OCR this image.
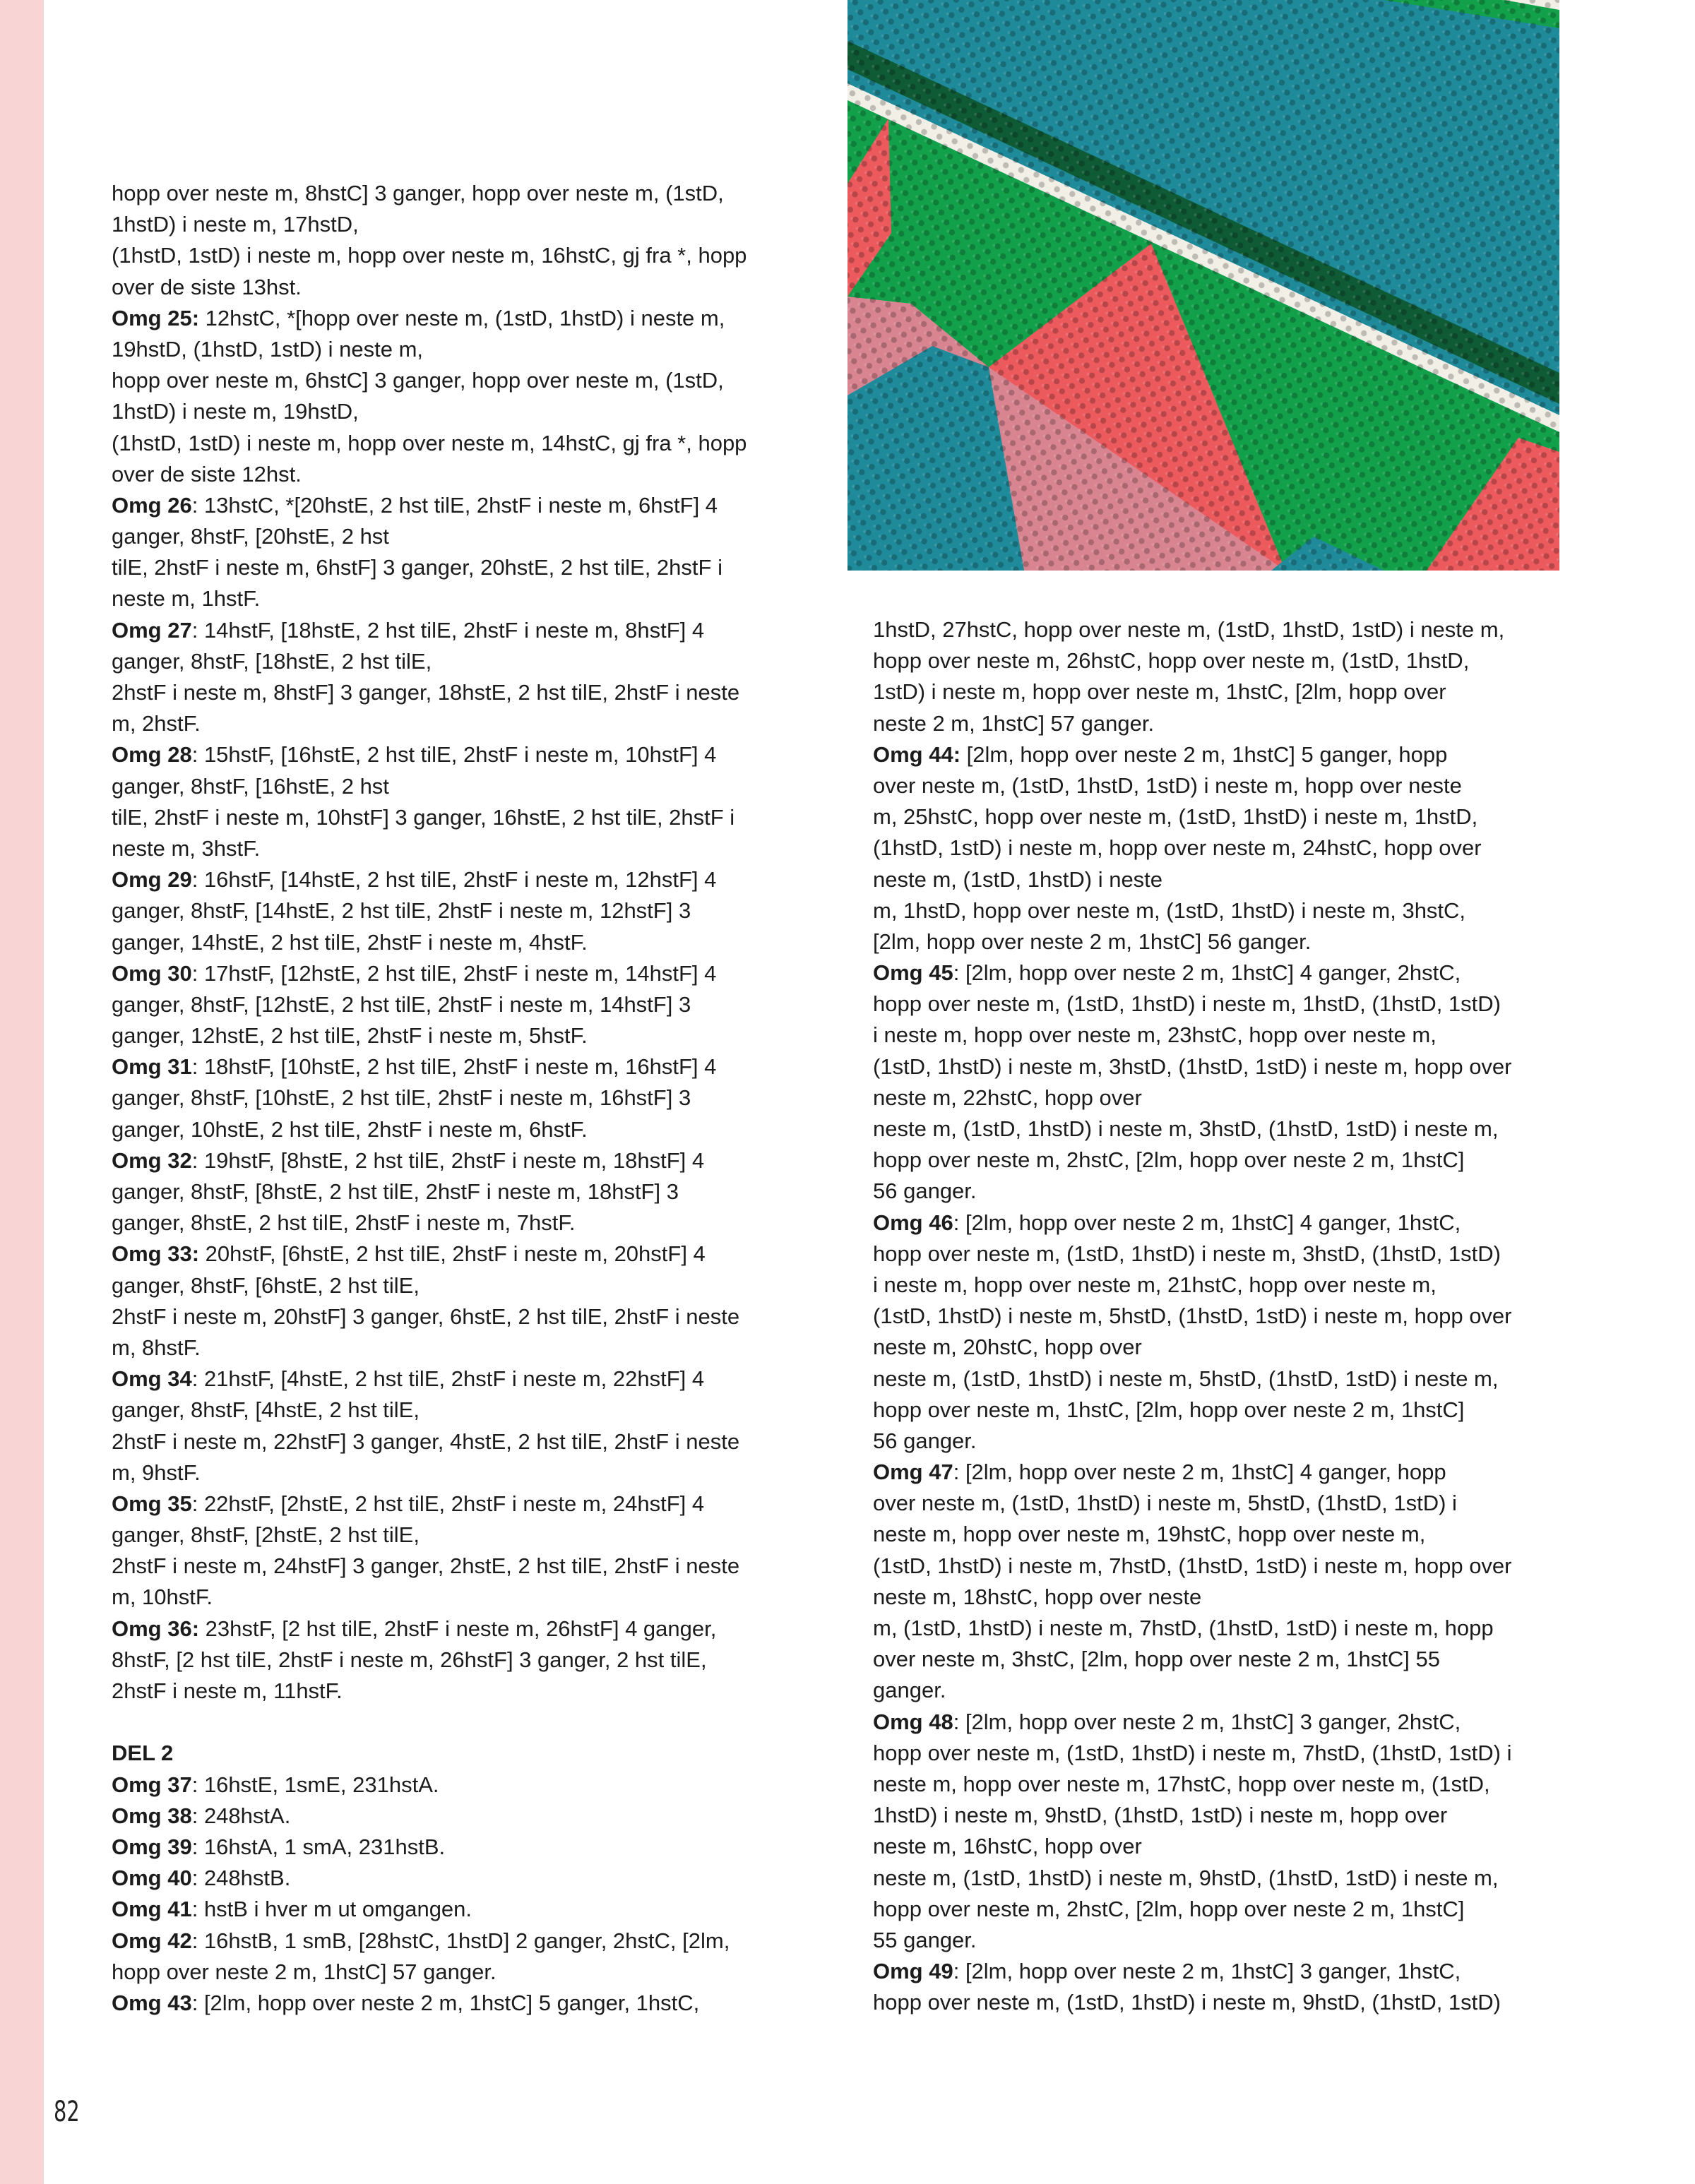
hopp over neste m, 8hstC] 3 ganger, hopp over neste m, (1stD,
1hstD) i neste m, 17hstD,
(1hstD, 1stD) i neste m, hopp over neste m, 16hstC, gj fra *, hopp
over de siste 13hst.
Omg 25: 12hstC, *[hopp over neste m, (1stD, 1hstD) i neste m,
19hstD, (1hstD, 1stD) i neste m,
hopp over neste m, 6hstC] 3 ganger, hopp over neste m, (1stD,
1hstD) i neste m, 19hstD,
(1hstD, 1stD) i neste m, hopp over neste m, 14hstC, gj fra *, hopp
over de siste 12hst.
Omg 26: 13hstC, *[20hstE, 2 hst tilE, 2hstF i neste m, 6hstF] 4
ganger, 8hstF, [20hstE, 2 hst
tilE, 2hstF i neste m, 6hstF] 3 ganger, 20hstE, 2 hst tilE, 2hstF i
neste m, 1hstF.
Omg 27: 14hstF, [18hstE, 2 hst tilE, 2hstF i neste m, 8hstF] 4
ganger, 8hstF, [18hstE, 2 hst tilE,
2hstF i neste m, 8hstF] 3 ganger, 18hstE, 2 hst tilE, 2hstF i neste
m, 2hstF.
Omg 28: 15hstF, [16hstE, 2 hst tilE, 2hstF i neste m, 10hstF] 4
ganger, 8hstF, [16hstE, 2 hst
tilE, 2hstF i neste m, 10hstF] 3 ganger, 16hstE, 2 hst tilE, 2hstF i
neste m, 3hstF.
Omg 29: 16hstF, [14hstE, 2 hst tilE, 2hstF i neste m, 12hstF] 4
ganger, 8hstF, [14hstE, 2 hst tilE, 2hstF i neste m, 12hstF] 3
ganger, 14hstE, 2 hst tilE, 2hstF i neste m, 4hstF.
Omg 30: 17hstF, [12hstE, 2 hst tilE, 2hstF i neste m, 14hstF] 4
ganger, 8hstF, [12hstE, 2 hst tilE, 2hstF i neste m, 14hstF] 3
ganger, 12hstE, 2 hst tilE, 2hstF i neste m, 5hstF.
Omg 31: 18hstF, [10hstE, 2 hst tilE, 2hstF i neste m, 16hstF] 4
ganger, 8hstF, [10hstE, 2 hst tilE, 2hstF i neste m, 16hstF] 3
ganger, 10hstE, 2 hst tilE, 2hstF i neste m, 6hstF.
Omg 32: 19hstF, [8hstE, 2 hst tilE, 2hstF i neste m, 18hstF] 4
ganger, 8hstF, [8hstE, 2 hst tilE, 2hstF i neste m, 18hstF] 3
ganger, 8hstE, 2 hst tilE, 2hstF i neste m, 7hstF.
Omg 33: 20hstF, [6hstE, 2 hst tilE, 2hstF i neste m, 20hstF] 4
ganger, 8hstF, [6hstE, 2 hst tilE,
2hstF i neste m, 20hstF] 3 ganger, 6hstE, 2 hst tilE, 2hstF i neste
m, 8hstF.
Omg 34: 21hstF, [4hstE, 2 hst tilE, 2hstF i neste m, 22hstF] 4
ganger, 8hstF, [4hstE, 2 hst tilE,
2hstF i neste m, 22hstF] 3 ganger, 4hstE, 2 hst tilE, 2hstF i neste
m, 9hstF.
Omg 35: 22hstF, [2hstE, 2 hst tilE, 2hstF i neste m, 24hstF] 4
ganger, 8hstF, [2hstE, 2 hst tilE,
2hstF i neste m, 24hstF] 3 ganger, 2hstE, 2 hst tilE, 2hstF i neste
m, 10hstF.
Omg 36: 23hstF, [2 hst tilE, 2hstF i neste m, 26hstF] 4 ganger,
8hstF, [2 hst tilE, 2hstF i neste m, 26hstF] 3 ganger, 2 hst tilE,
2hstF i neste m, 11hstF.
DEL 2
Omg 37: 16hstE, 1smE, 231hstA.
Omg 38: 248hstA.
Omg 39: 16hstA, 1 smA, 231hstB.
Omg 40: 248hstB.
Omg 41: hstB i hver m ut omgangen.
Omg 42: 16hstB, 1 smB, [28hstC, 1hstD] 2 ganger, 2hstC, [2lm,
hopp over neste 2 m, 1hstC] 57 ganger.
Omg 43: [2lm, hopp over neste 2 m, 1hstC] 5 ganger, 1hstC,
1hstD, 27hstC, hopp over neste m, (1stD, 1hstD, 1stD) i neste m,
hopp over neste m, 26hstC, hopp over neste m, (1stD, 1hstD,
1stD) i neste m, hopp over neste m, 1hstC, [2lm, hopp over
neste 2 m, 1hstC] 57 ganger.
Omg 44: [2lm, hopp over neste 2 m, 1hstC] 5 ganger, hopp
over neste m, (1stD, 1hstD, 1stD) i neste m, hopp over neste
m, 25hstC, hopp over neste m, (1stD, 1hstD) i neste m, 1hstD,
(1hstD, 1stD) i neste m, hopp over neste m, 24hstC, hopp over
neste m, (1stD, 1hstD) i neste
m, 1hstD, hopp over neste m, (1stD, 1hstD) i neste m, 3hstC,
[2lm, hopp over neste 2 m, 1hstC] 56 ganger.
Omg 45: [2lm, hopp over neste 2 m, 1hstC] 4 ganger, 2hstC,
hopp over neste m, (1stD, 1hstD) i neste m, 1hstD, (1hstD, 1stD)
i neste m, hopp over neste m, 23hstC, hopp over neste m,
(1stD, 1hstD) i neste m, 3hstD, (1hstD, 1stD) i neste m, hopp over
neste m, 22hstC, hopp over
neste m, (1stD, 1hstD) i neste m, 3hstD, (1hstD, 1stD) i neste m,
hopp over neste m, 2hstC, [2lm, hopp over neste 2 m, 1hstC]
56 ganger.
Omg 46: [2lm, hopp over neste 2 m, 1hstC] 4 ganger, 1hstC,
hopp over neste m, (1stD, 1hstD) i neste m, 3hstD, (1hstD, 1stD)
i neste m, hopp over neste m, 21hstC, hopp over neste m,
(1stD, 1hstD) i neste m, 5hstD, (1hstD, 1stD) i neste m, hopp over
neste m, 20hstC, hopp over
neste m, (1stD, 1hstD) i neste m, 5hstD, (1hstD, 1stD) i neste m,
hopp over neste m, 1hstC, [2lm, hopp over neste 2 m, 1hstC]
56 ganger.
Omg 47: [2lm, hopp over neste 2 m, 1hstC] 4 ganger, hopp
over neste m, (1stD, 1hstD) i neste m, 5hstD, (1hstD, 1stD) i
neste m, hopp over neste m, 19hstC, hopp over neste m,
(1stD, 1hstD) i neste m, 7hstD, (1hstD, 1stD) i neste m, hopp over
neste m, 18hstC, hopp over neste
m, (1stD, 1hstD) i neste m, 7hstD, (1hstD, 1stD) i neste m, hopp
over neste m, 3hstC, [2lm, hopp over neste 2 m, 1hstC] 55
ganger.
Omg 48: [2lm, hopp over neste 2 m, 1hstC] 3 ganger, 2hstC,
hopp over neste m, (1stD, 1hstD) i neste m, 7hstD, (1hstD, 1stD) i
neste m, hopp over neste m, 17hstC, hopp over neste m, (1stD,
1hstD) i neste m, 9hstD, (1hstD, 1stD) i neste m, hopp over
neste m, 16hstC, hopp over
neste m, (1stD, 1hstD) i neste m, 9hstD, (1hstD, 1stD) i neste m,
hopp over neste m, 2hstC, [2lm, hopp over neste 2 m, 1hstC]
55 ganger.
Omg 49: [2lm, hopp over neste 2 m, 1hstC] 3 ganger, 1hstC,
hopp over neste m, (1stD, 1hstD) i neste m, 9hstD, (1hstD, 1stD)
82
